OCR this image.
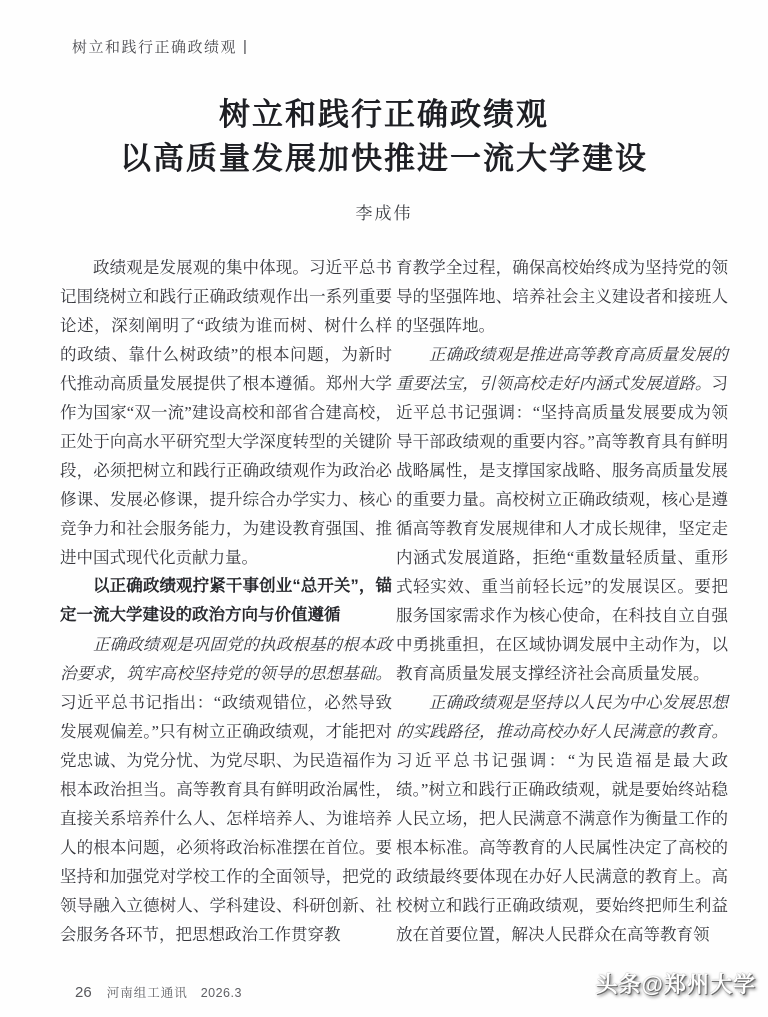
树立和践行正确政绩观 |
树立和践行正确政绩观
以高质量发展加快推进一流大学建设
李成伟

政绩观是发展观的集中体现。习近平总书记围绕树立和践行正确政绩观作出一系列重要论述，深刻阐明了“政绩为谁而树、树什么样的政绩、靠什么树政绩”的根本问题，为新时代推动高质量发展提供了根本遵循。郑州大学作为国家“双一流”建设高校和部省合建高校，正处于向高水平研究型大学深度转型的关键阶段，必须把树立和践行正确政绩观作为政治必修课、发展必修课，提升综合办学实力、核心竞争力和社会服务能力，为建设教育强国、推进中国式现代化贡献力量。

以正确政绩观拧紧干事创业“总开关”，锚定一流大学建设的政治方向与价值遵循

正确政绩观是巩固党的执政根基的根本政治要求，筑牢高校坚持党的领导的思想基础。习近平总书记指出：“政绩观错位，必然导致发展观偏差。”只有树立正确政绩观，才能把对党忠诚、为党分忧、为党尽职、为民造福作为根本政治担当。高等教育具有鲜明政治属性，直接关系培养什么人、怎样培养人、为谁培养人的根本问题，必须将政治标准摆在首位。要坚持和加强党对学校工作的全面领导，把党的领导融入立德树人、学科建设、科研创新、社会服务各环节，把思想政治工作贯穿教

育教学全过程，确保高校始终成为坚持党的领导的坚强阵地、培养社会主义建设者和接班人的坚强阵地。

正确政绩观是推进高等教育高质量发展的重要法宝，引领高校走好内涵式发展道路。习近平总书记强调：“坚持高质量发展要成为领导干部政绩观的重要内容。”高等教育具有鲜明战略属性，是支撑国家战略、服务高质量发展的重要力量。高校树立正确政绩观，核心是遵循高等教育发展规律和人才成长规律，坚定走内涵式发展道路，拒绝“重数量轻质量、重形式轻实效、重当前轻长远”的发展误区。要把服务国家需求作为核心使命，在科技自立自强中勇挑重担，在区域协调发展中主动作为，以教育高质量发展支撑经济社会高质量发展。

正确政绩观是坚持以人民为中心发展思想的实践路径，推动高校办好人民满意的教育。习近平总书记强调：“为民造福是最大政绩。”树立和践行正确政绩观，就是要始终站稳人民立场，把人民满意不满意作为衡量工作的根本标准。高等教育的人民属性决定了高校的政绩最终要体现在办好人民满意的教育上。高校树立和践行正确政绩观，要始终把师生利益放在首要位置，解决人民群众在高等教育领

26 河南组工通讯 2026.3	头条@郑州大学
